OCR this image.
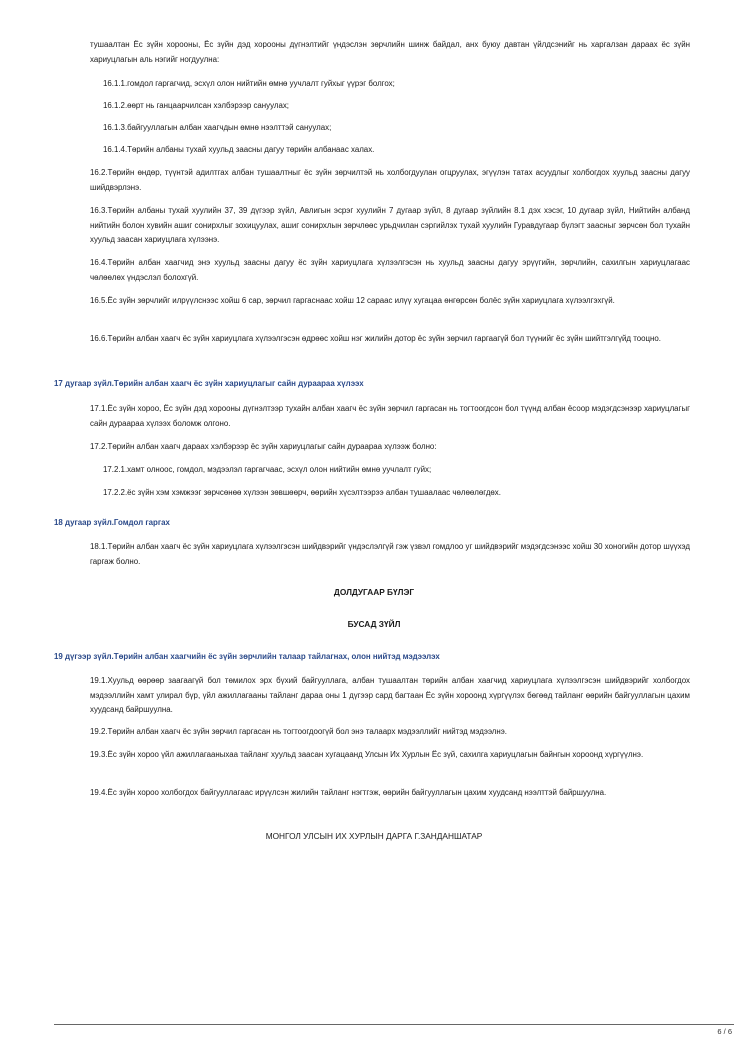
тушаалтан Ёс зүйн хорооны, Ёс зүйн дэд хорооны дүгнэлтийг үндэслэн зөрчлийн шинж байдал, анх буюу давтан үйлдсэнийг нь харгалзан дараах ёс зүйн хариуцлагын аль нэгийг ногдуулна:

16.1.1.гомдол гаргагчид, эсхүл олон нийтийн өмнө уучлалт гуйхыг үүрэг болгох;

16.1.2.өөрт нь ганцаарчилсан хэлбэрээр сануулах;

16.1.3.байгууллагын албан хаагчдын өмнө нээлттэй сануулах;

16.1.4.Төрийн албаны тухай хуульд заасны дагуу төрийн албанаас халах.

16.2.Төрийн өндөр, түүнтэй адилтгах албан тушаалтныг ёс зүйн зөрчилтэй нь холбогдуулан огцруулах, эгүүлэн татах асуудлыг холбогдох хуульд заасны дагуу шийдвэрлэнэ.

16.3.Төрийн албаны тухай хуулийн 37, 39 дүгээр зүйл, Авлигын эсрэг хуулийн 7 дугаар зүйл, 8 дугаар зүйлийн 8.1 дэх хэсэг, 10 дугаар зүйл, Нийтийн албанд нийтийн болон хувийн ашиг сонирхлыг зохицуулах, ашиг сонирхлын зөрчлөөс урьдчилан сэргийлэх тухай хуулийн Гуравдугаар бүлэгт заасныг зөрчсөн бол тухайн хуульд заасан хариуцлага хүлээнэ.

16.4.Төрийн албан хаагчид энэ хуульд заасны дагуу ёс зүйн хариуцлага хүлээлгэсэн нь хуульд заасны дагуу эрүүгийн, зөрчлийн, сахилгын хариуцлагаас чөлөөлөх үндэслэл болохгүй.

16.5.Ёс зүйн зөрчлийг илрүүлснээс хойш 6 сар, зөрчил гаргаснаас хойш 12 сараас илүү хугацаа өнгөрсөн болёс зүйн хариуцлага хүлээлгэхгүй.

16.6.Төрийн албан хаагч ёс зүйн хариуцлага хүлээлгэсэн өдрөөс хойш нэг жилийн дотор ёс зүйн зөрчил гаргаагүй бол түүнийг ёс зүйн шийтгэлгүйд тооцно.

17 дугаар зүйл.Төрийн албан хаагч ёс зүйн хариуцлагыг сайн дураараа хүлээх

17.1.Ёс зүйн хороо, Ёс зүйн дэд хорооны дүгнэлтээр тухайн албан хаагч ёс зүйн зөрчил гаргасан нь тогтоогдсон бол түүнд албан ёсоор мэдэгдсэнээр хариуцлагыг сайн дураараа хүлээх боломж олгоно.

17.2.Төрийн албан хаагч дараах хэлбэрээр ёс зүйн хариуцлагыг сайн дураараа хүлээж болно:

17.2.1.хамт олноос, гомдол, мэдээлэл гаргагчаас, эсхүл олон нийтийн өмнө уучлалт гуйх;

17.2.2.ёс зүйн хэм хэмжээг зөрчсөнөө хүлээн зөвшөөрч, өөрийн хүсэлтээрээ албан тушаалаас чөлөөлөгдөх.

18 дугаар зүйл.Гомдол гаргах

18.1.Төрийн албан хаагч ёс зүйн хариуцлага хүлээлгэсэн шийдвэрийг үндэслэлгүй гэж үзвэл гомдлоо уг шийдвэрийг мэдэгдсэнээс хойш 30 хоногийн дотор шүүхэд гаргаж болно.

ДОЛДУГААР БҮЛЭГ

БУСАД ЗҮЙЛ

19 дүгээр зүйл.Төрийн албан хаагчийн ёс зүйн зөрчлийн талаар тайлагнах, олон нийтэд мэдээлэх

19.1.Хуульд өөрөөр заагаагүй бол төмилох эрх бүхий байгууллага, албан тушаалтан төрийн албан хаагчид хариуцлага хүлээлгэсэн шийдвэрийг холбогдох мэдээллийн хамт улирал бүр, үйл ажиллагааны тайланг дараа оны 1 дүгээр сард багтаан Ёс зүйн хороонд хүргүүлэх бөгөөд тайланг өөрийн байгууллагын цахим хуудсанд байршуулна.

19.2.Төрийн албан хаагч ёс зүйн зөрчил гаргасан нь тогтоогдоогүй бол энэ талаарх мэдээллийг нийтэд мэдээлнэ.

19.3.Ёс зүйн хороо үйл ажиллагааныхаа тайланг хуульд заасан хугацаанд Улсын Их Хурлын Ёс зүй, сахилга хариуцлагын байнгын хороонд хүргүүлнэ.

19.4.Ёс зүйн хороо холбогдох байгууллагаас ирүүлсэн жилийн тайланг нэгтгэж, өөрийн байгууллагын цахим хуудсанд нээлттэй байршуулна.

МОНГОЛ УЛСЫН ИХ ХУРЛЫН ДАРГА Г.ЗАНДАНШАТАР

6 / 6
